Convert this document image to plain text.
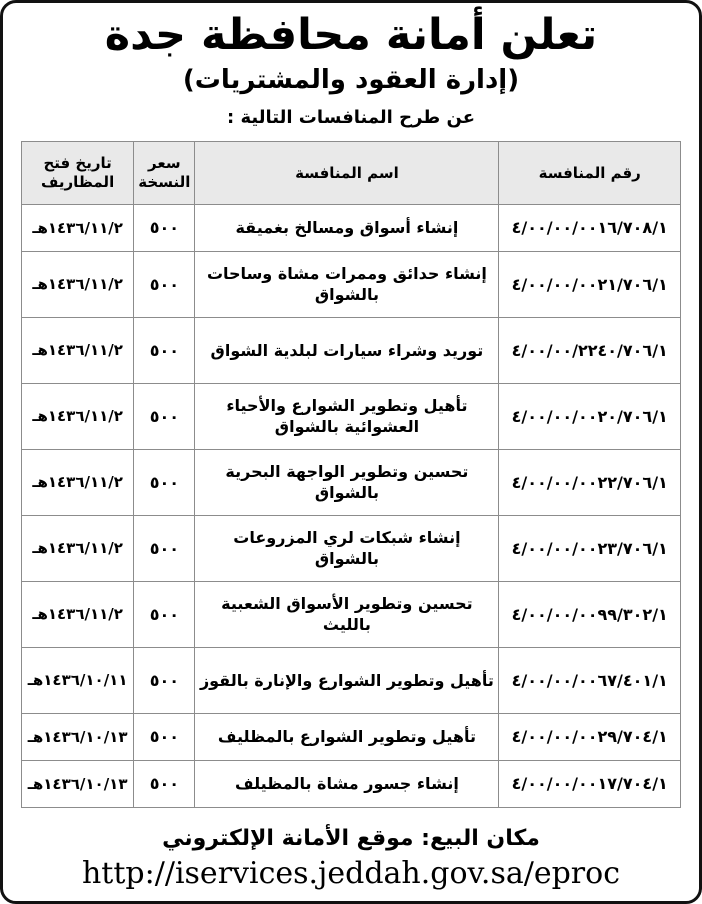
تعلن أمانة محافظة جدة
(إدارة العقود والمشتريات)
عن طرح المنافسات التالية :
رقم المنافسة	اسم المنافسة	سعر النسخة	تاريخ فتح المظاريف
٤/٠٠/٠٠/٠٠١٦/٧٠٨/١	إنشاء أسواق ومسالخ بغميقة	٥٠٠	١٤٣٦/١١/٢هـ
٤/٠٠/٠٠/٠٠٢١/٧٠٦/١	إنشاء حدائق وممرات مشاة وساحات بالشواق	٥٠٠	١٤٣٦/١١/٢هـ
٤/٠٠/٠٠/٢٢٤٠/٧٠٦/١	توريد وشراء سيارات لبلدية الشواق	٥٠٠	١٤٣٦/١١/٢هـ
٤/٠٠/٠٠/٠٠٢٠/٧٠٦/١	تأهيل وتطوير الشوارع والأحياء العشوائية بالشواق	٥٠٠	١٤٣٦/١١/٢هـ
٤/٠٠/٠٠/٠٠٢٢/٧٠٦/١	تحسين وتطوير الواجهة البحرية بالشواق	٥٠٠	١٤٣٦/١١/٢هـ
٤/٠٠/٠٠/٠٠٢٣/٧٠٦/١	إنشاء شبكات لري المزروعات بالشواق	٥٠٠	١٤٣٦/١١/٢هـ
٤/٠٠/٠٠/٠٠٩٩/٣٠٢/١	تحسين وتطوير الأسواق الشعبية بالليث	٥٠٠	١٤٣٦/١١/٢هـ
٤/٠٠/٠٠/٠٠٦٧/٤٠١/١	تأهيل وتطوير الشوارع والإنارة بالقوز	٥٠٠	١٤٣٦/١٠/١١هـ
٤/٠٠/٠٠/٠٠٢٩/٧٠٤/١	تأهيل وتطوير الشوارع بالمظليف	٥٠٠	١٤٣٦/١٠/١٣هـ
٤/٠٠/٠٠/٠٠١٧/٧٠٤/١	إنشاء جسور مشاة بالمظيلف	٥٠٠	١٤٣٦/١٠/١٣هـ
مكان البيع: موقع الأمانة الإلكتروني
http://iservices.jeddah.gov.sa/eproc
